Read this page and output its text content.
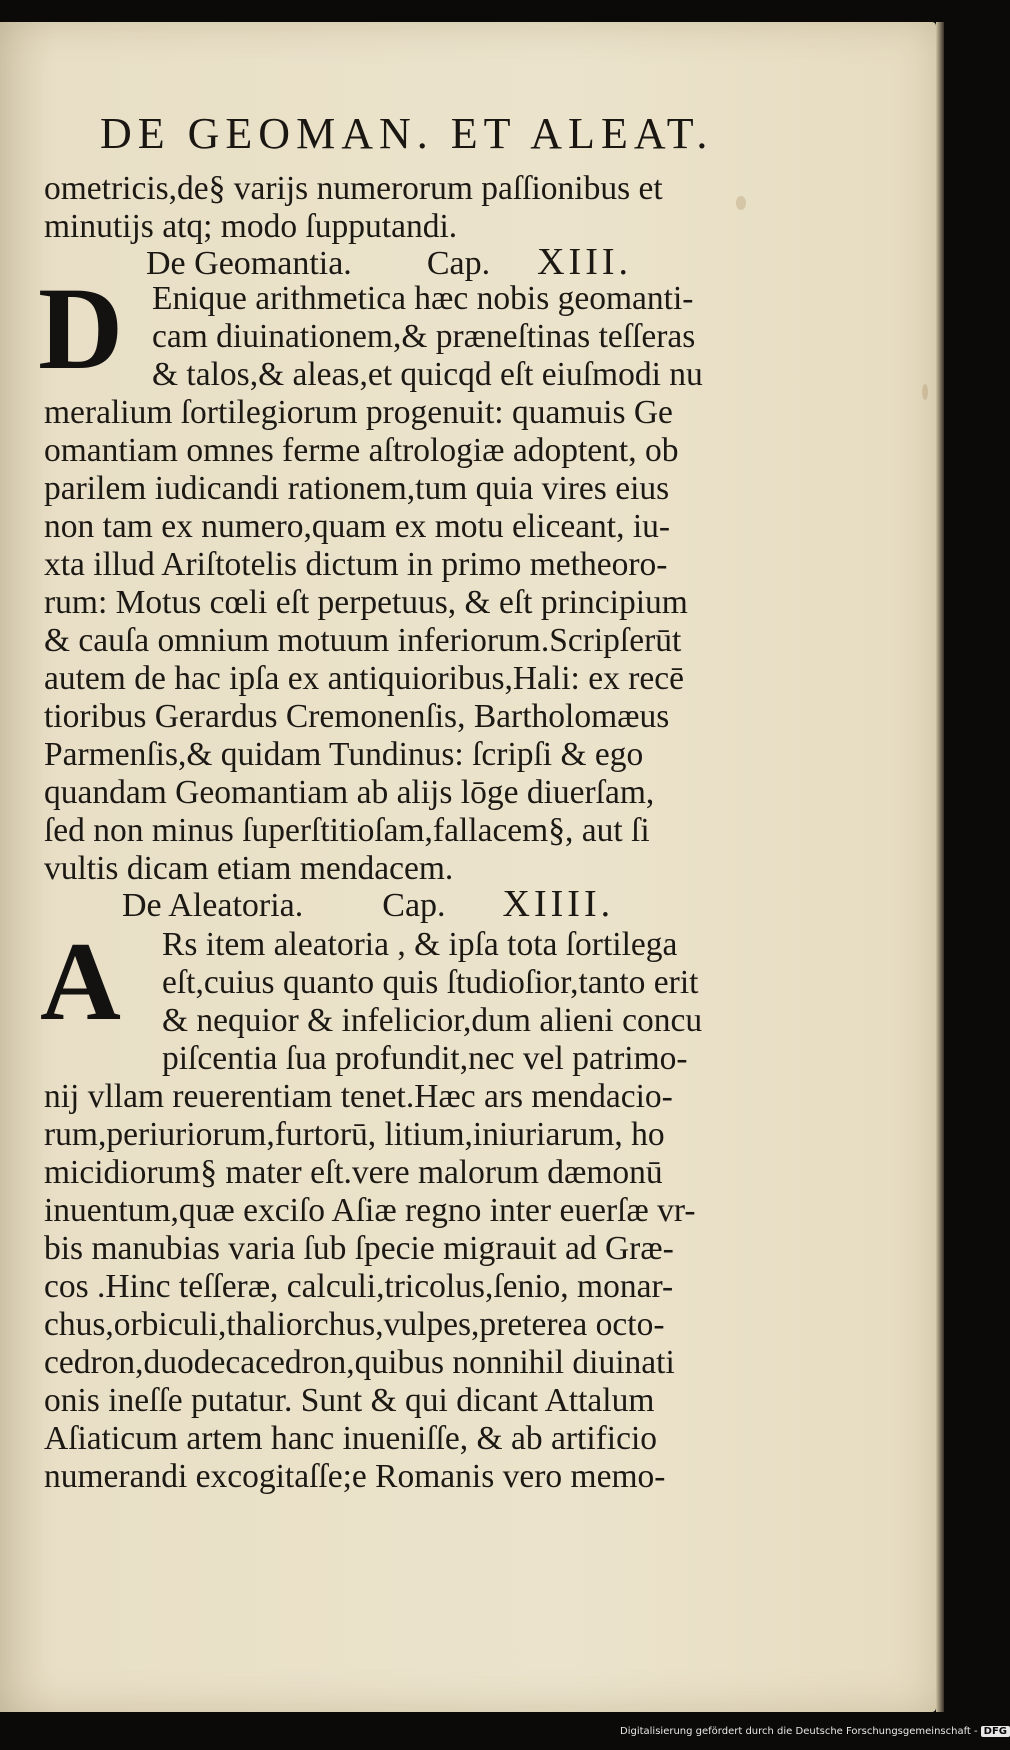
DE GEOMAN. ET ALEAT.
De Geomantia. Cap. XIII.
D
De Aleatoria. Cap. XIIII.
A
ometricis,de§ varijs numerorum paſſionibus et
minutijs atq; modo ſupputandi.
Enique arithmetica hæc nobis geomanti-
cam diuinationem,& præneſtinas teſſeras
& talos,& aleas,et quicqd eſt eiuſmodi nu
meralium ſortilegiorum progenuit: quamuis Ge
omantiam omnes ferme aſtrologiæ adoptent, ob
parilem iudicandi rationem,tum quia vires eius
non tam ex numero,quam ex motu eliceant, iu-
xta illud Ariſtotelis dictum in primo metheoro-
rum: Motus cœli eſt perpetuus, & eſt principium
& cauſa omnium motuum inferiorum.Scripſerūt
autem de hac ipſa ex antiquioribus,Hali: ex recē
tioribus Gerardus Cremonenſis, Bartholomæus
Parmenſis,& quidam Tundinus: ſcripſi & ego
quandam Geomantiam ab alijs lōge diuerſam,
ſed non minus ſuperſtitioſam,fallacem§, aut ſi
vultis dicam etiam mendacem.
Rs item aleatoria , & ipſa tota ſortilega
eſt,cuius quanto quis ſtudioſior,tanto erit
& nequior & infelicior,dum alieni concu
piſcentia ſua profundit,nec vel patrimo-
nij vllam reuerentiam tenet.Hæc ars mendacio-
rum,periuriorum,furtorū, litium,iniuriarum, ho
micidiorum§ mater eſt.vere malorum dæmonū
inuentum,quæ exciſo Aſiæ regno inter euerſæ vr-
bis manubias varia ſub ſpecie migrauit ad Græ-
cos .Hinc teſſeræ, calculi,tricolus,ſenio, monar-
chus,orbiculi,thaliorchus,vulpes,preterea octo-
cedron,duodecacedron,quibus nonnihil diuinati
onis ineſſe putatur. Sunt & qui dicant Attalum
Aſiaticum artem hanc inueniſſe, & ab artificio
numerandi excogitaſſe;e Romanis vero memo-
Digitalisierung gefördert durch die Deutsche Forschungsgemeinschaft - DFG
